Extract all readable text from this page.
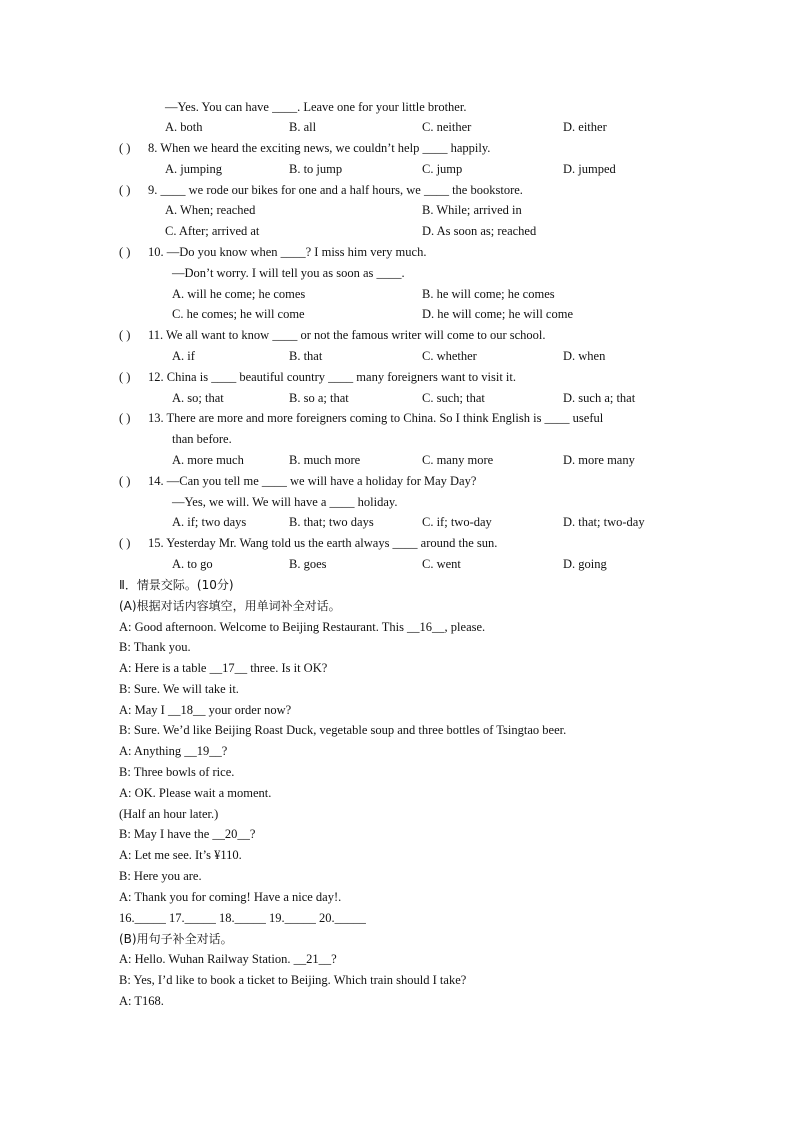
—Yes. You can have ____. Leave one for your little brother.
A. both	B. all	C. neither	D. either
( ) 8. When we heard the exciting news, we couldn’t help ____ happily.
A. jumping	B. to jump	C. jump	D. jumped
( ) 9. ____ we rode our bikes for one and a half hours, we ____ the bookstore.
A. When; reached	B. While; arrived in
C. After; arrived at	D. As soon as; reached
( ) 10. —Do you know when ____? I miss him very much.
—Don’t worry. I will tell you as soon as ____.
A. will he come; he comes	B. he will come; he comes
C. he comes; he will come	D. he will come; he will come
( ) 11. We all want to know ____ or not the famous writer will come to our school.
A. if	B. that	C. whether	D. when
( ) 12. China is ____ beautiful country ____ many foreigners want to visit it.
A. so; that	B. so a; that	C. such; that	D. such a; that
( ) 13. There are more and more foreigners coming to China. So I think English is ____ useful
than before.
A. more much	B. much more	C. many more	D. more many
( ) 14. —Can you tell me ____ we will have a holiday for May Day?
—Yes, we will. We will have a ____ holiday.
A. if; two days	B. that; two days	C. if; two-day	D. that; two-day
( ) 15. Yesterday Mr. Wang told us the earth always ____ around the sun.
A. to go	B. goes	C. went	D. going
Ⅱ．情景交际。(10分)
(A)根据对话内容填空，用单词补全对话。
A: Good afternoon. Welcome to Beijing Restaurant. This __16__, please.
B: Thank you.
A: Here is a table __17__ three. Is it OK?
B: Sure. We will take it.
A: May I __18__ your order now?
B: Sure. We’d like Beijing Roast Duck, vegetable soup and three bottles of Tsingtao beer.
A: Anything __19__?
B: Three bowls of rice.
A: OK. Please wait a moment.
(Half an hour later.)
B: May I have the __20__?
A: Let me see. It’s ¥110.
B: Here you are.
A: Thank you for coming! Have a nice day!.
16._____ 17._____ 18._____ 19._____ 20._____
(B)用句子补全对话。
A: Hello. Wuhan Railway Station. __21__?
B: Yes, I’d like to book a ticket to Beijing. Which train should I take?
A: T168.
